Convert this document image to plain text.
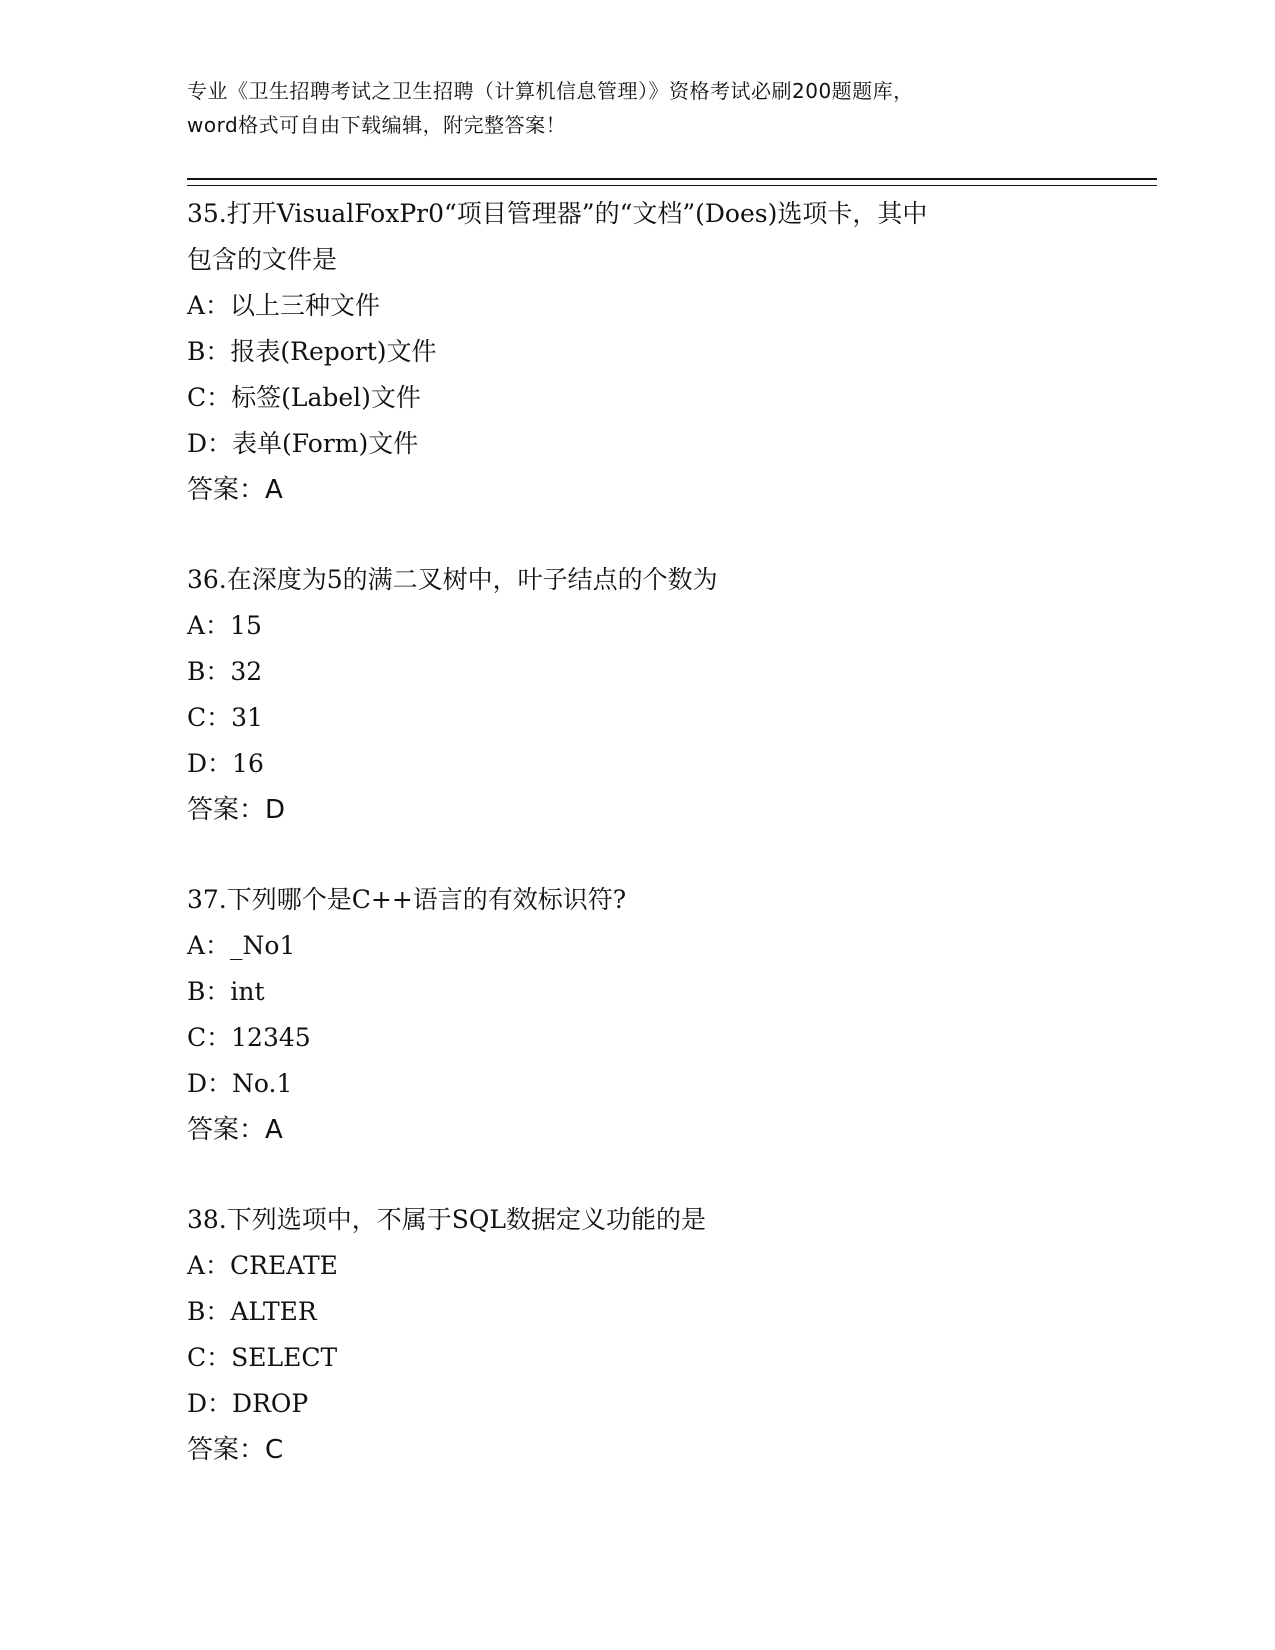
专业《卫生招聘考试之卫生招聘（计算机信息管理）》资格考试必刷200题题库，
word格式可自由下载编辑，附完整答案！
35.打开VisualFoxPr0“项目管理器”的“文档”(Does)选项卡，其中
包含的文件是
A：以上三种文件
B：报表(Report)文件
C：标签(Label)文件
D：表单(Form)文件
答案：A
36.在深度为5的满二叉树中，叶子结点的个数为
A：15
B：32
C：31
D：16
答案：D
37.下列哪个是C++语言的有效标识符?
A：_No1
B：int
C：12345
D：No.1
答案：A
38.下列选项中，不属于SQL数据定义功能的是
A：CREATE
B：ALTER
C：SELECT
D：DROP
答案：C
